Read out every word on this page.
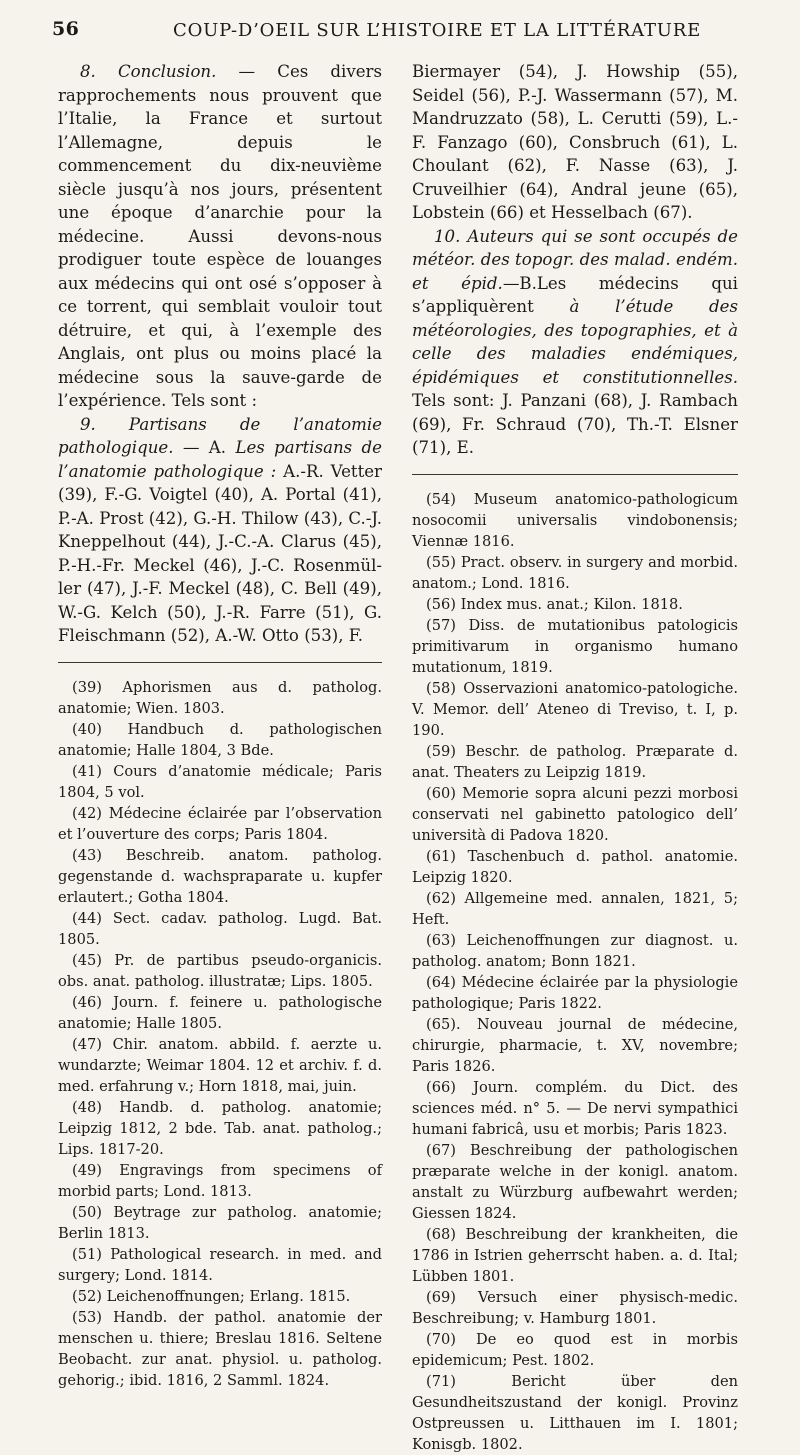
56	COUP-D’OEIL SUR L’HISTOIRE ET LA LITTÉRATURE

8. Conclusion. — Ces divers rapprochements nous prouvent que l’Italie, la France et surtout l’Allemagne, depuis le commencement du dix-neuvième siècle jusqu’à nos jours, présentent une époque d’anarchie pour la médecine. Aussi devons-nous prodiguer toute espèce de louanges aux médecins qui ont osé s’opposer à ce torrent, qui semblait vouloir tout détruire, et qui, à l’exemple des Anglais, ont plus ou moins placé la médecine sous la sauve-garde de l’expérience. Tels sont :

9. Partisans de l’anatomie pathologique. — A. Les partisans de l’anatomie pathologique : A.-R. Vetter (39), F.-G. Voigtel (40), A. Portal (41), P.-A. Prost (42), G.-H. Thilow (43), C.-J. Kneppelhout (44), J.-C.-A. Clarus (45), P.-H.-Fr. Meckel (46), J.-C. Rosenmül-ler (47), J.-F. Meckel (48), C. Bell (49), W.-G. Kelch (50), J.-R. Farre (51), G. Fleischmann (52), A.-W. Otto (53), F.

(39) Aphorismen aus d. patholog. anatomie; Wien. 1803.

(40) Handbuch d. pathologischen anatomie; Halle 1804, 3 Bde.

(41) Cours d’anatomie médicale; Paris 1804, 5 vol.

(42) Médecine éclairée par l’observation et l’ouverture des corps; Paris 1804.

(43) Beschreib. anatom. patholog. gegenstande d. wachspraparate u. kupfer erlautert.; Gotha 1804.

(44) Sect. cadav. patholog. Lugd. Bat. 1805.

(45) Pr. de partibus pseudo-organicis. obs. anat. patholog. illustratæ; Lips. 1805.

(46) Journ. f. feinere u. pathologische anatomie; Halle 1805.

(47) Chir. anatom. abbild. f. aerzte u. wundarzte; Weimar 1804. 12 et archiv. f. d. med. erfahrung v.; Horn 1818, mai, juin.

(48) Handb. d. patholog. anatomie; Leipzig 1812, 2 bde. Tab. anat. patholog.; Lips. 1817-20.

(49) Engravings from specimens of morbid parts; Lond. 1813.

(50) Beytrage zur patholog. anatomie; Berlin 1813.

(51) Pathological research. in med. and surgery; Lond. 1814.

(52) Leichenoffnungen; Erlang. 1815.

(53) Handb. der pathol. anatomie der menschen u. thiere; Breslau 1816. Seltene Beobacht. zur anat. physiol. u. patholog. gehorig.; ibid. 1816, 2 Samml. 1824.

Biermayer (54), J. Howship (55), Seidel (56), P.-J. Wassermann (57), M. Mandruzzato (58), L. Cerutti (59), L.-F. Fanzago (60), Consbruch (61), L. Choulant (62), F. Nasse (63), J. Cruveilhier (64), Andral jeune (65), Lobstein (66) et Hesselbach (67).

10. Auteurs qui se sont occupés de météor. des topogr. des malad. endém. et épid.—B.Les médecins qui s’appliquèrent à l’étude des météorologies, des topographies, et à celle des maladies endémiques, épidémiques et constitutionnelles. Tels sont: J. Panzani (68), J. Rambach (69), Fr. Schraud (70), Th.-T. Elsner (71), E.

(54) Museum anatomico-pathologicum nosocomii universalis vindobonensis; Viennæ 1816.

(55) Pract. observ. in surgery and morbid. anatom.; Lond. 1816.

(56) Index mus. anat.; Kilon. 1818.

(57) Diss. de mutationibus patologicis primitivarum in organismo humano mutationum, 1819.

(58) Osservazioni anatomico-patologiche. V. Memor. dell’ Ateneo di Treviso, t. I, p. 190.

(59) Beschr. de patholog. Præparate d. anat. Theaters zu Leipzig 1819.

(60) Memorie sopra alcuni pezzi morbosi conservati nel gabinetto patologico dell’ università di Padova 1820.

(61) Taschenbuch d. pathol. anatomie. Leipzig 1820.

(62) Allgemeine med. annalen, 1821, 5; Heft.

(63) Leichenoffnungen zur diagnost. u. patholog. anatom; Bonn 1821.

(64) Médecine éclairée par la physiologie pathologique; Paris 1822.

(65). Nouveau journal de médecine, chirurgie, pharmacie, t. XV, novembre; Paris 1826.

(66) Journ. complém. du Dict. des sciences méd. n° 5. — De nervi sympathici humani fabricâ, usu et morbis; Paris 1823.

(67) Beschreibung der pathologischen præparate welche in der konigl. anatom. anstalt zu Würzburg aufbewahrt werden; Giessen 1824.

(68) Beschreibung der krankheiten, die 1786 in Istrien geherrscht haben. a. d. Ital; Lübben 1801.

(69) Versuch einer physisch-medic. Beschreibung; v. Hamburg 1801.

(70) De eo quod est in morbis epidemicum; Pest. 1802.

(71) Bericht über den Gesundheitszustand der konigl. Provinz Ostpreussen u. Litthauen im I. 1801; Konisgb. 1802.
